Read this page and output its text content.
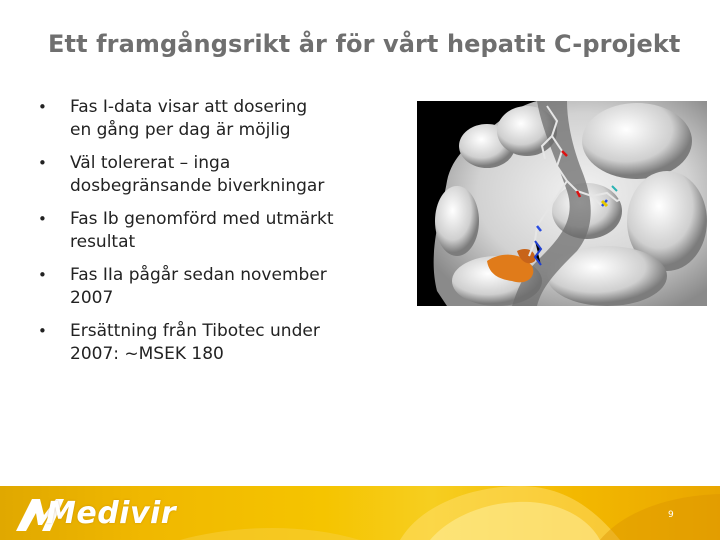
Ett framgångsrikt år för vårt hepatit C-projekt
• Fas I-data visar att dosering
en gång per dag är möjlig
• Väl tolererat – inga
dosbegränsande biverkningar
• Fas Ib genomförd med utmärkt
resultat
• Fas IIa pågår sedan november
2007
• Ersättning från Tibotec under
2007: ~MSEK 180
Medivir	9
